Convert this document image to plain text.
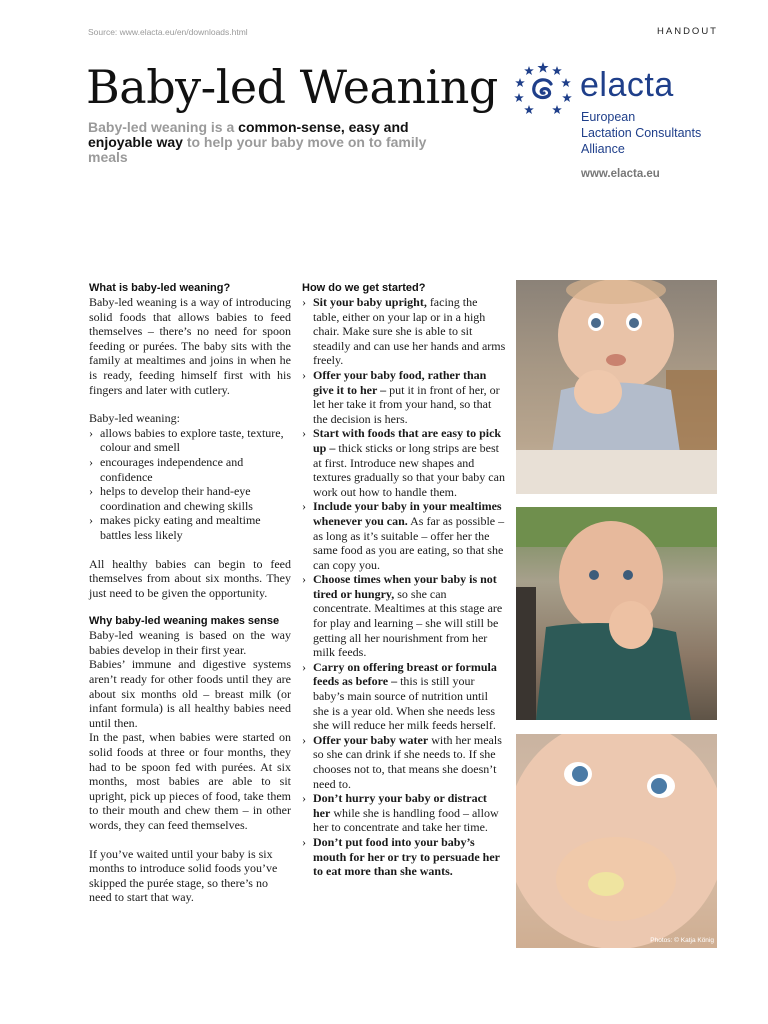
Source: www.elacta.eu/en/downloads.html	HANDOUT
Baby-led Weaning
Baby-led weaning is a common-sense, easy and enjoyable way to help your baby move on to family meals
elacta
European
Lactation Consultants
Alliance
www.elacta.eu
What is baby-led weaning?

Baby-led weaning is a way of introducing solid foods that allows babies to feed themselves – there’s no need for spoon feeding or purées. The baby sits with the family at mealtimes and joins in when he is ready, feeding himself first with his fingers and later with cutlery.

Baby-led weaning:

› allows babies to explore taste, texture, colour and smell
› encourages independence and confidence
› helps to develop their hand-eye coordination and chewing skills
› makes picky eating and mealtime battles less likely

All healthy babies can begin to feed themselves from about six months. They just need to be given the opportunity.

Why baby-led weaning makes sense

Baby-led weaning is based on the way babies develop in their first year.

Babies’ immune and digestive systems aren’t ready for other foods until they are about six months old – breast milk (or infant formula) is all healthy babies need until then.

In the past, when babies were started on solid foods at three or four months, they had to be spoon fed with purées. At six months, most babies are able to sit upright, pick up pieces of food, take them to their mouth and chew them – in other words, they can feed themselves.

If you’ve waited until your baby is six months to introduce solid foods you’ve skipped the purée stage, so there’s no need to start that way.

How do we get started?
› Sit your baby upright, facing the table, either on your lap or in a high chair. Make sure she is able to sit steadily and can use her hands and arms freely.
› Offer your baby food, rather than give it to her – put it in front of her, or let her take it from your hand, so that the decision is hers.
› Start with foods that are easy to pick up – thick sticks or long strips are best at first. Introduce new shapes and textures gradually so that your baby can work out how to handle them.
› Include your baby in your mealtimes whenever you can. As far as possible – as long as it’s suitable – offer her the same food as you are eating, so that she can copy you.
› Choose times when your baby is not tired or hungry, so she can concentrate. Mealtimes at this stage are for play and learning – she will still be getting all her nourishment from her milk feeds.
› Carry on offering breast or formula feeds as before – this is still your baby’s main source of nutrition until she is a year old. When she needs less she will reduce her milk feeds herself.
› Offer your baby water with her meals so she can drink if she needs to. If she chooses not to, that means she doesn’t need to.
› Don’t hurry your baby or distract her while she is handling food – allow her to concentrate and take her time.
› Don’t put food into your baby’s mouth for her or try to persuade her to eat more than she wants.
Photos: © Katja König
